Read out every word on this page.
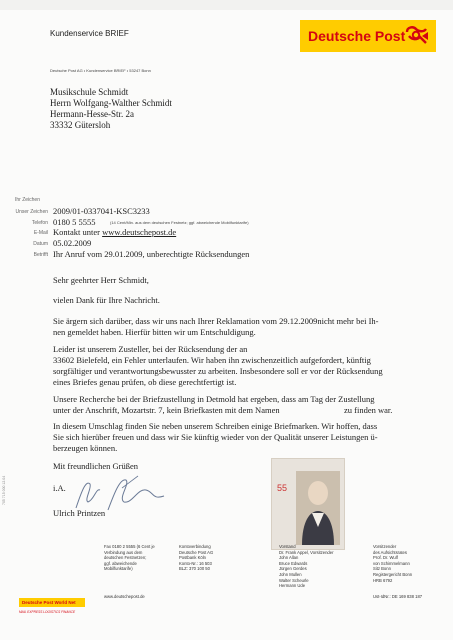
Kundenservice BRIEF	Deutsche Post
Deutsche Post AG • Kundenservice BRIEF • 53247 Bonn
Musikschule Schmidt
Herrn Wolfgang-Walther Schmidt
Hermann-Hesse-Str. 2a
33332 Gütersloh
Ihr Zeichen
Unser Zeichen 2009/01-0337041-KSC3233
Telefon 0180 5 5555	(14 Cent/Min. aus dem deutschen Festnetz; ggf. abweichende Mobilfunktarife)
E-Mail Kontakt unter www.deutschepost.de
Datum 05.02.2009
Betrifft Ihr Anruf vom 29.01.2009, unberechtigte Rücksendungen
Sehr geehrter Herr Schmidt,
vielen Dank für Ihre Nachricht.
Sie ärgern sich darüber, dass wir uns nach Ihrer Reklamation vom 29.12.2009nicht mehr bei Ih-
nen gemeldet haben. Hierfür bitten wir um Entschuldigung.
Leider ist unserem Zusteller, bei der Rücksendung der an
33602 Bielefeld, ein Fehler unterlaufen. Wir haben ihn zwischenzeitlich aufgefordert, künftig
sorgfältiger und verantwortungsbewusster zu arbeiten. Insbesondere soll er vor der Rücksendung
eines Briefes genau prüfen, ob diese gerechtfertigt ist.
Unsere Recherche bei der Briefzustellung in Detmold hat ergeben, dass am Tag der Zustellung
unter der Anschrift, Mozartstr. 7, kein Briefkasten mit dem Namen	zu finden war.
In diesem Umschlag finden Sie neben unserem Schreiben einige Briefmarken. Wir hoffen, dass
Sie sich hierüber freuen und dass wir Sie künftig wieder von der Qualität unserer Leistungen ü-
berzeugen können.
Mit freundlichen Grüßen
i.A.
Ulrich Printzen
55
Fax 0180 2 5555 (6 Cent je
Verbindung aus dem
deutschen Festnetzen;
ggf. abweichende
Mobilfunktarife)
Kontoverbindung
Deutsche Post AG
Postbank Köln
Konto-Nr.: 16 503
BLZ: 370 100 50
Vorstand
Dr. Frank Appel, Vorsitzender
John Allan
Bruce Edwards
Jürgen Gerdes
John Mullen
Walter Scheurle
Hermann Ude
Vorsitzender
des Aufsichtsrates
Prof. Dr. Wulf
von Schimmelmann
Sitz Bonn
Registergericht Bonn
HRB 6792
www.deutschepost.de	Ust-IdNr.: DE 169 838 187
Deutsche Post World Net
MAIL EXPRESS LOGISTICS FINANCE
705 715 000 12.04
